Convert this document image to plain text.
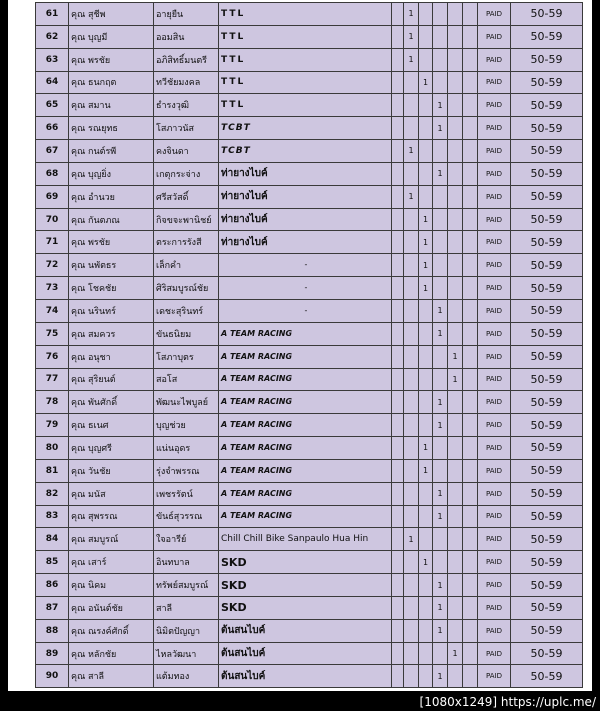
61	คุณ สุชีพ	อายุยืน	TTL		1					PAID	50-59
62	คุณ บุญมี	ออมสิน	TTL		1					PAID	50-59
63	คุณ พรชัย	อภิสิทธิ์มนตรี	TTL		1					PAID	50-59
64	คุณ ธนกฤต	ทวีชัยมงคล	TTL			1				PAID	50-59
65	คุณ สมาน	ธำรงวุฒิ	TTL				1			PAID	50-59
66	คุณ รณยุทธ	โสภาวนัส	TCBT				1			PAID	50-59
67	คุณ กนต์รพี	คงจินดา	TCBT		1					PAID	50-59
68	คุณ บุญยิ่ง	เกตุกระจ่าง	ท่ายางไบค์				1			PAID	50-59
69	คุณ อำนวย	ศรีสวัสดิ์	ท่ายางไบค์		1					PAID	50-59
70	คุณ กันตภณ	กิจขจะพานิชย์	ท่ายางไบค์			1				PAID	50-59
71	คุณ พรชัย	ตระการรังสี	ท่ายางไบค์			1				PAID	50-59
72	คุณ นพัตธร	เล็กคำ	-			1				PAID	50-59
73	คุณ โชคชัย	ศิริสมบูรณ์ชัย	-			1				PAID	50-59
74	คุณ นรินทร์	เดชะสุรินทร์	-				1			PAID	50-59
75	คุณ สมควร	ขันธนิยม	A TEAM RACING				1			PAID	50-59
76	คุณ อนุชา	โสภาบุตร	A TEAM RACING					1		PAID	50-59
77	คุณ สุริยนต์	สอโส	A TEAM RACING					1		PAID	50-59
78	คุณ พันศักดิ์	พัฒนะไพบูลย์	A TEAM RACING				1			PAID	50-59
79	คุณ ธเนศ	บุญช่วย	A TEAM RACING				1			PAID	50-59
80	คุณ บุญศรี	แน่นอุดร	A TEAM RACING			1				PAID	50-59
81	คุณ วันชัย	รุ่งจำพรรณ	A TEAM RACING			1				PAID	50-59
82	คุณ มนัส	เพชรรัตน์	A TEAM RACING				1			PAID	50-59
83	คุณ สุพรรณ	ขันธ์สุวรรณ	A TEAM RACING				1			PAID	50-59
84	คุณ สมบูรณ์	ใจอารีย์	Chill Chill Bike Sanpaulo Hua Hin		1					PAID	50-59
85	คุณ เสาร์	อินทบาล	SKD			1				PAID	50-59
86	คุณ นิคม	ทรัพย์สมบูรณ์	SKD				1			PAID	50-59
87	คุณ อนันต์ชัย	สาลี	SKD				1			PAID	50-59
88	คุณ ณรงค์ศักดิ์	นิมิตปัญญา	ต้นสนไบค์				1			PAID	50-59
89	คุณ หลักชัย	ไหลวัฒนา	ต้นสนไบค์					1		PAID	50-59
90	คุณ สาลี	แต้มทอง	ต้นสนไบค์				1			PAID	50-59
[1080x1249] https://uplc.me/
